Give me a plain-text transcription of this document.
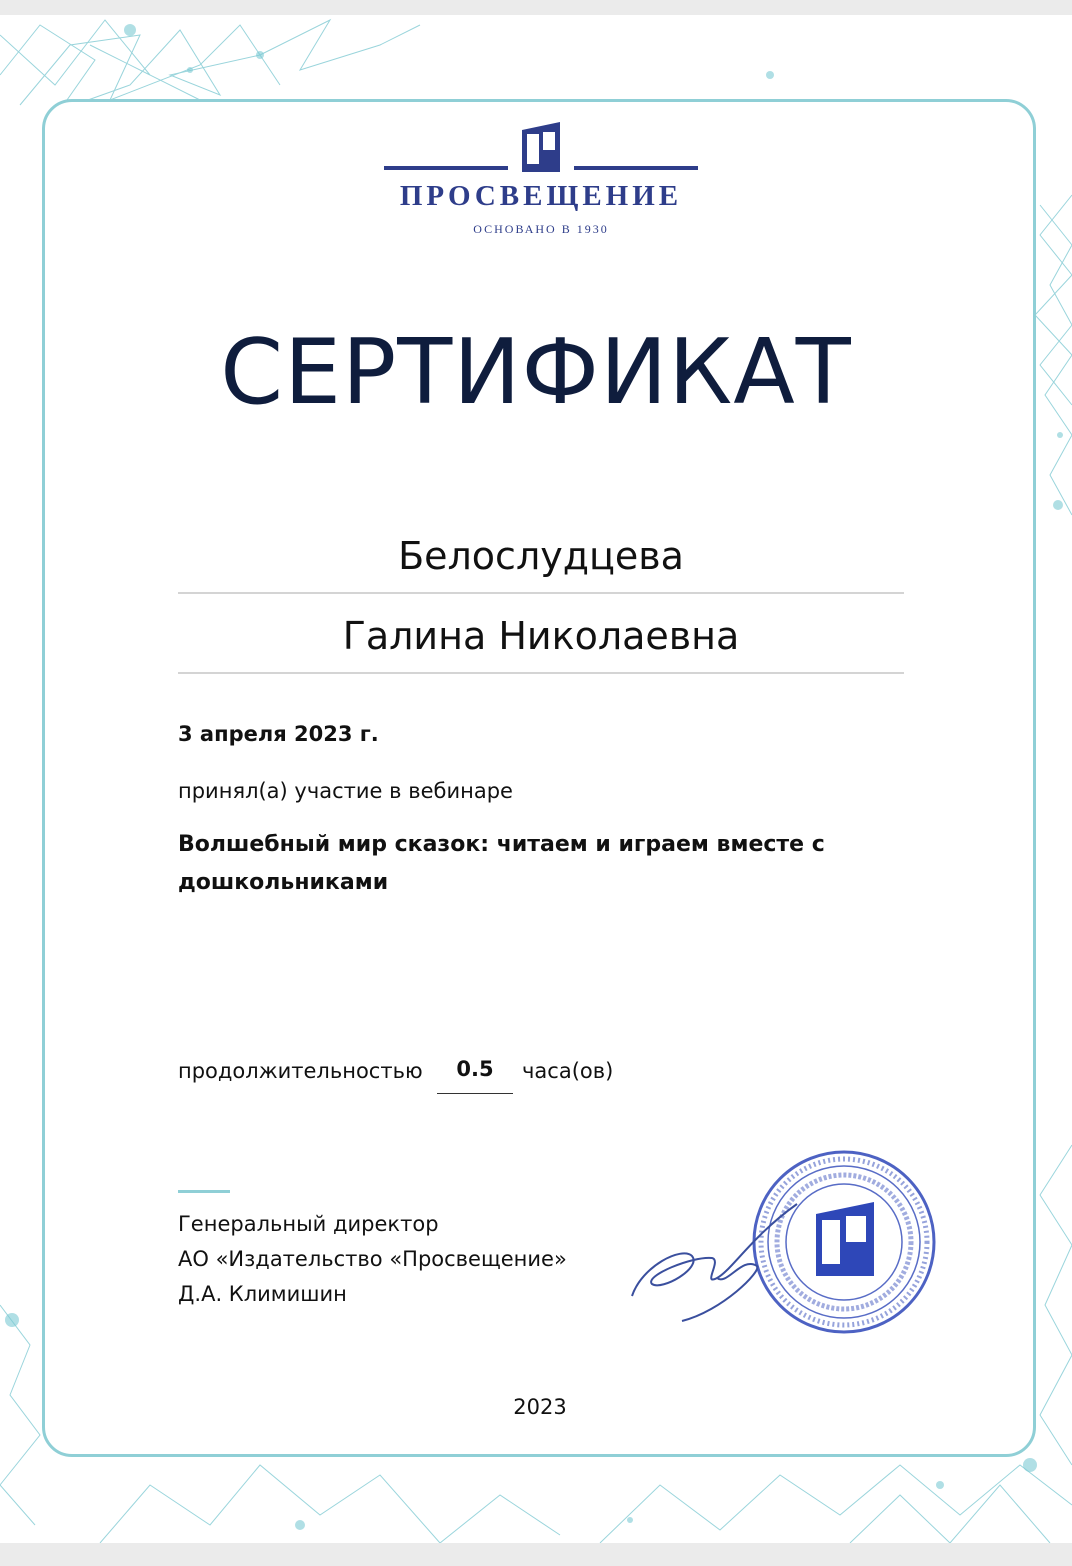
ПРОСВЕЩЕНИЕ
ОСНОВАНО В 1930
СЕРТИФИКАТ
Белослудцева
Галина Николаевна
3 апреля 2023 г.
принял(а) участие в вебинаре
Волшебный мир сказок: читаем и играем вместе с дошкольниками
продолжительностью	0.5	часа(ов)
Генеральный директор
АО «Издательство «Просвещение»
Д.А. Климишин
2023
